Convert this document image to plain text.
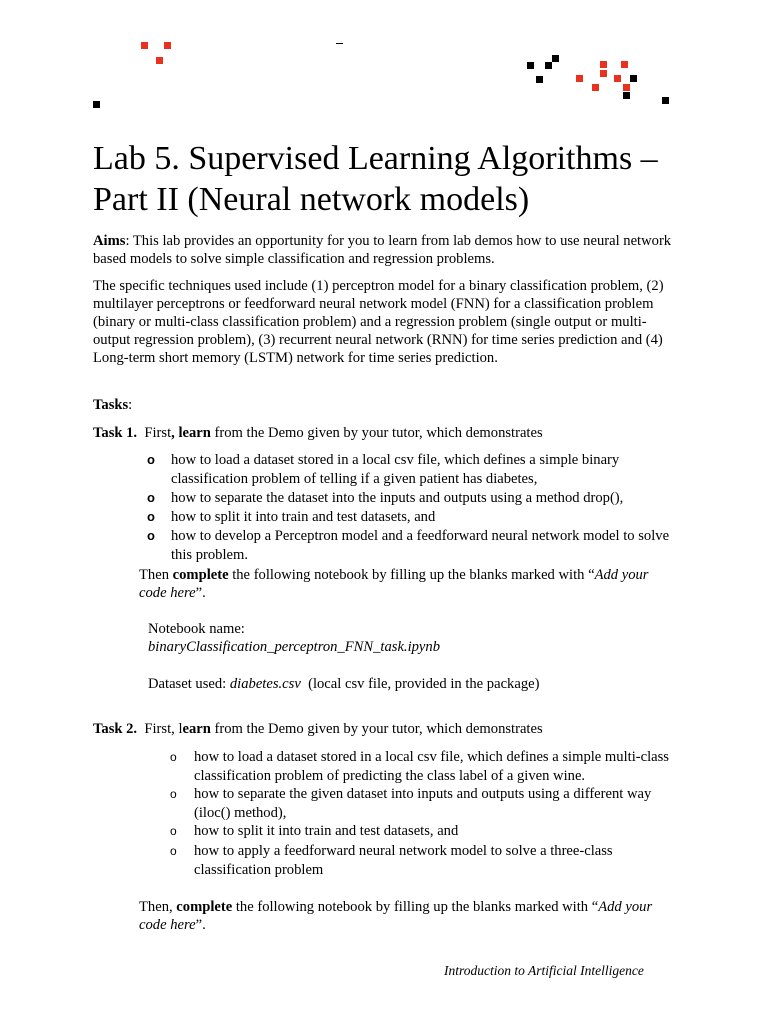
Lab 5. Supervised Learning Algorithms – Part II (Neural network models)

Aims: This lab provides an opportunity for you to learn from lab demos how to use neural network based models to solve simple classification and regression problems.

The specific techniques used include (1) perceptron model for a binary classification problem, (2) multilayer perceptrons or feedforward neural network model (FNN) for a classification problem (binary or multi-class classification problem) and a regression problem (single output or multi-output regression problem), (3) recurrent neural network (RNN) for time series prediction and (4) Long-term short memory (LSTM) network for time series prediction.

Tasks:

Task 1. First, learn from the Demo given by your tutor, which demonstrates
o how to load a dataset stored in a local csv file, which defines a simple binary classification problem of telling if a given patient has diabetes,
o how to separate the dataset into the inputs and outputs using a method drop(),
o how to split it into train and test datasets, and
o how to develop a Perceptron model and a feedforward neural network model to solve this problem.
Then complete the following notebook by filling up the blanks marked with “Add your code here”.
Notebook name:
binaryClassification_perceptron_FNN_task.ipynb
Dataset used: diabetes.csv  (local csv file, provided in the package)
Task 2. First, learn from the Demo given by your tutor, which demonstrates
o how to load a dataset stored in a local csv file, which defines a simple multi-class classification problem of predicting the class label of a given wine.
o how to separate the given dataset into inputs and outputs using a different way (iloc() method),
o how to split it into train and test datasets, and
o how to apply a feedforward neural network model to solve a three-class classification problem
Then, complete the following notebook by filling up the blanks marked with “Add your code here”.
Introduction to Artificial Intelligence
